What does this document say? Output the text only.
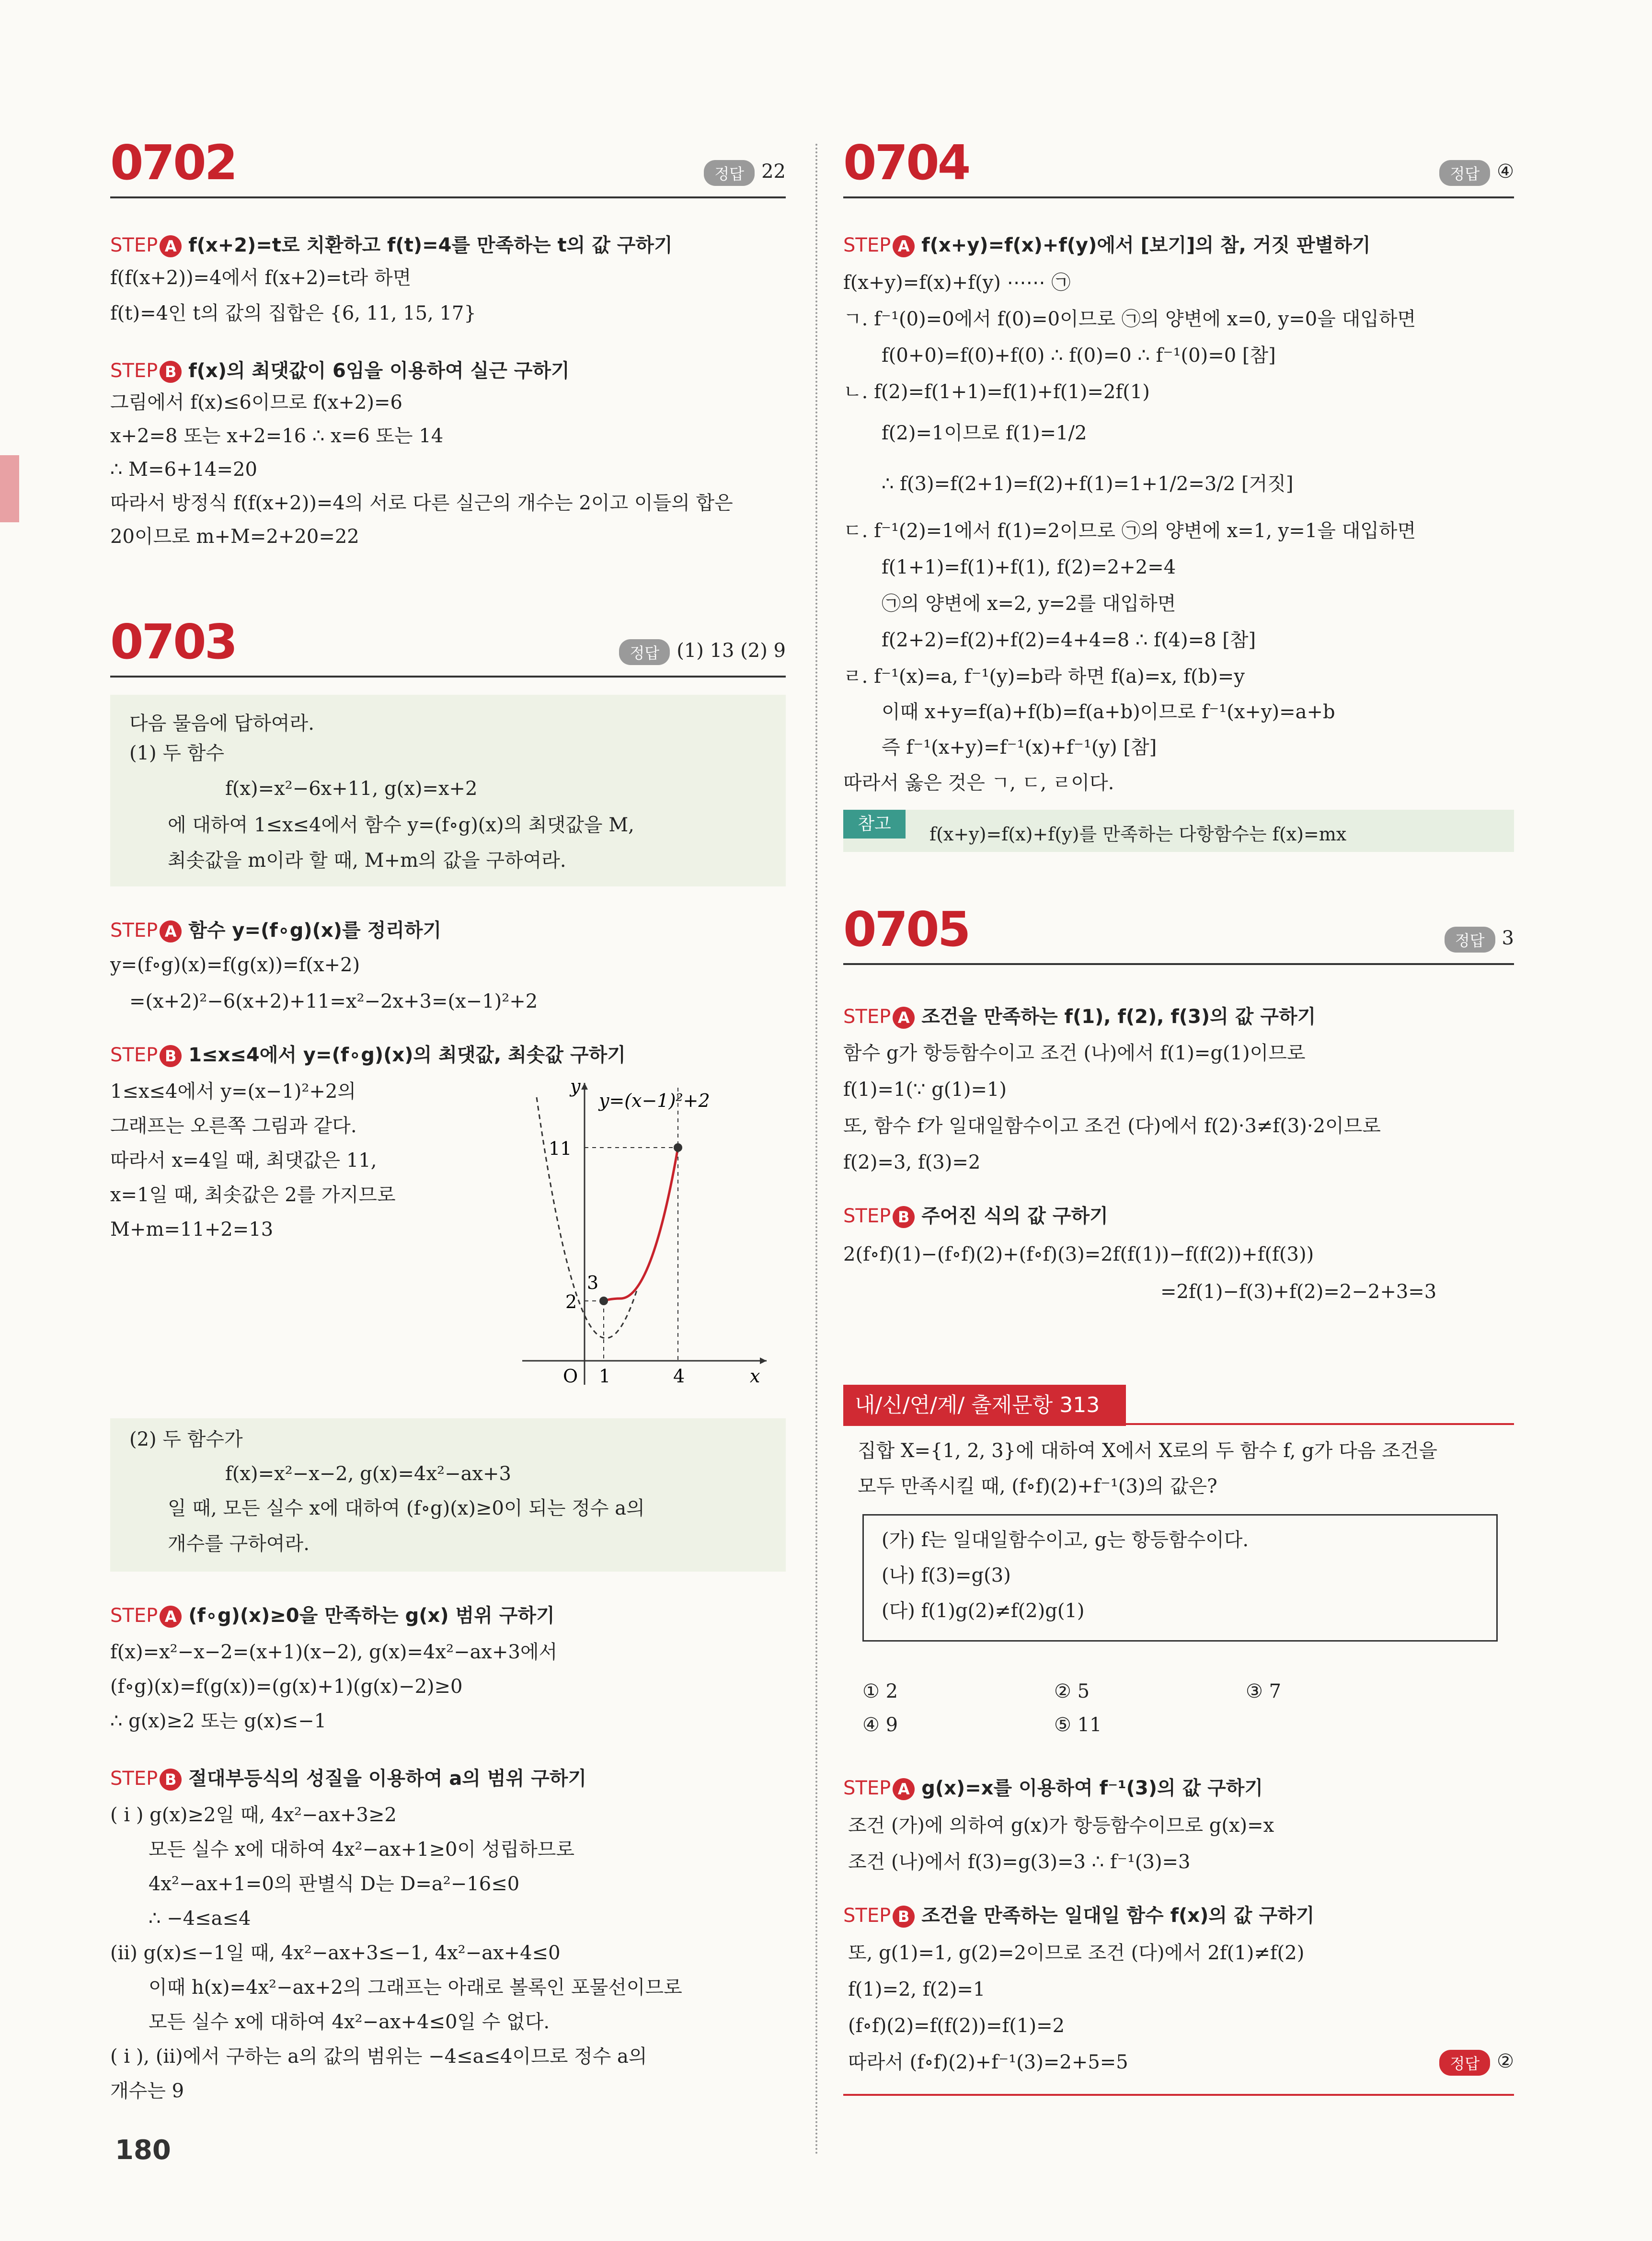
0702	정답 22
STEP A f(x+2)=t로 치환하고 f(t)=4를 만족하는 t의 값 구하기
f(f(x+2))=4에서 f(x+2)=t라 하면
f(t)=4인 t의 값의 집합은 {6, 11, 15, 17}
STEP B f(x)의 최댓값이 6임을 이용하여 실근 구하기
그림에서 f(x)≤6이므로 f(x+2)=6
x+2=8 또는 x+2=16 ∴ x=6 또는 14
∴ M=6+14=20
따라서 방정식 f(f(x+2))=4의 서로 다른 실근의 개수는 2이고 이들의 합은
20이므로 m+M=2+20=22
0703	정답 (1) 13 (2) 9
다음 물음에 답하여라.
(1) 두 함수
f(x)=x²−6x+11, g(x)=x+2
에 대하여 1≤x≤4에서 함수 y=(f∘g)(x)의 최댓값을 M,
최솟값을 m이라 할 때, M+m의 값을 구하여라.
STEP A 함수 y=(f∘g)(x)를 정리하기
y=(f∘g)(x)=f(g(x))=f(x+2)
=(x+2)²−6(x+2)+11=x²−2x+3=(x−1)²+2
STEP B 1≤x≤4에서 y=(f∘g)(x)의 최댓값, 최솟값 구하기
1≤x≤4에서 y=(x−1)²+2의
그래프는 오른쪽 그림과 같다.
따라서 x=4일 때, 최댓값은 11,
x=1일 때, 최솟값은 2를 가지므로
M+m=11+2=13
y
y=(x−1)²+2
11
2
3
O 1	4	x
(2) 두 함수가
f(x)=x²−x−2, g(x)=4x²−ax+3
일 때, 모든 실수 x에 대하여 (f∘g)(x)≥0이 되는 정수 a의
개수를 구하여라.
STEP A (f∘g)(x)≥0을 만족하는 g(x) 범위 구하기
f(x)=x²−x−2=(x+1)(x−2), g(x)=4x²−ax+3에서
(f∘g)(x)=f(g(x))=(g(x)+1)(g(x)−2)≥0
∴ g(x)≥2 또는 g(x)≤−1
STEP B 절대부등식의 성질을 이용하여 a의 범위 구하기
( i ) g(x)≥2일 때, 4x²−ax+3≥2
모든 실수 x에 대하여 4x²−ax+1≥0이 성립하므로
4x²−ax+1=0의 판별식 D는 D=a²−16≤0
∴ −4≤a≤4
(ii) g(x)≤−1일 때, 4x²−ax+3≤−1, 4x²−ax+4≤0
이때 h(x)=4x²−ax+2의 그래프는 아래로 볼록인 포물선이므로
모든 실수 x에 대하여 4x²−ax+4≤0일 수 없다.
( i ), (ii)에서 구하는 a의 값의 범위는 −4≤a≤4이므로 정수 a의
개수는 9
0704	정답 ④
STEP A f(x+y)=f(x)+f(y)에서 [보기]의 참, 거짓 판별하기
f(x+y)=f(x)+f(y) ⋯⋯ ㉠
ㄱ. f⁻¹(0)=0에서 f(0)=0이므로 ㉠의 양변에 x=0, y=0을 대입하면
f(0+0)=f(0)+f(0) ∴ f(0)=0 ∴ f⁻¹(0)=0 [참]
ㄴ. f(2)=f(1+1)=f(1)+f(1)=2f(1)
f(2)=1이므로 f(1)=1/2
∴ f(3)=f(2+1)=f(2)+f(1)=1+1/2=3/2 [거짓]
ㄷ. f⁻¹(2)=1에서 f(1)=2이므로 ㉠의 양변에 x=1, y=1을 대입하면
f(1+1)=f(1)+f(1), f(2)=2+2=4
㉠의 양변에 x=2, y=2를 대입하면
f(2+2)=f(2)+f(2)=4+4=8 ∴ f(4)=8 [참]
ㄹ. f⁻¹(x)=a, f⁻¹(y)=b라 하면 f(a)=x, f(b)=y
이때 x+y=f(a)+f(b)=f(a+b)이므로 f⁻¹(x+y)=a+b
즉 f⁻¹(x+y)=f⁻¹(x)+f⁻¹(y) [참]
따라서 옳은 것은 ㄱ, ㄷ, ㄹ이다.
참고	f(x+y)=f(x)+f(y)를 만족하는 다항함수는 f(x)=mx
0705	정답 3
STEP A 조건을 만족하는 f(1), f(2), f(3)의 값 구하기
함수 g가 항등함수이고 조건 (나)에서 f(1)=g(1)이므로
f(1)=1(∵ g(1)=1)
또, 함수 f가 일대일함수이고 조건 (다)에서 f(2)·3≠f(3)·2이므로
f(2)=3, f(3)=2
STEP B 주어진 식의 값 구하기
2(f∘f)(1)−(f∘f)(2)+(f∘f)(3)=2f(f(1))−f(f(2))+f(f(3))
=2f(1)−f(3)+f(2)=2−2+3=3
내/신/연/계/ 출제문항 313
집합 X={1, 2, 3}에 대하여 X에서 X로의 두 함수 f, g가 다음 조건을
모두 만족시킬 때, (f∘f)(2)+f⁻¹(3)의 값은?
(가) f는 일대일함수이고, g는 항등함수이다.
(나) f(3)=g(3)
(다) f(1)g(2)≠f(2)g(1)
① 2	② 5	③ 7
④ 9	⑤ 11
STEP A g(x)=x를 이용하여 f⁻¹(3)의 값 구하기
조건 (가)에 의하여 g(x)가 항등함수이므로 g(x)=x
조건 (나)에서 f(3)=g(3)=3 ∴ f⁻¹(3)=3
STEP B 조건을 만족하는 일대일 함수 f(x)의 값 구하기
또, g(1)=1, g(2)=2이므로 조건 (다)에서 2f(1)≠f(2)
f(1)=2, f(2)=1
(f∘f)(2)=f(f(2))=f(1)=2
따라서 (f∘f)(2)+f⁻¹(3)=2+5=5	정답 ②
180
